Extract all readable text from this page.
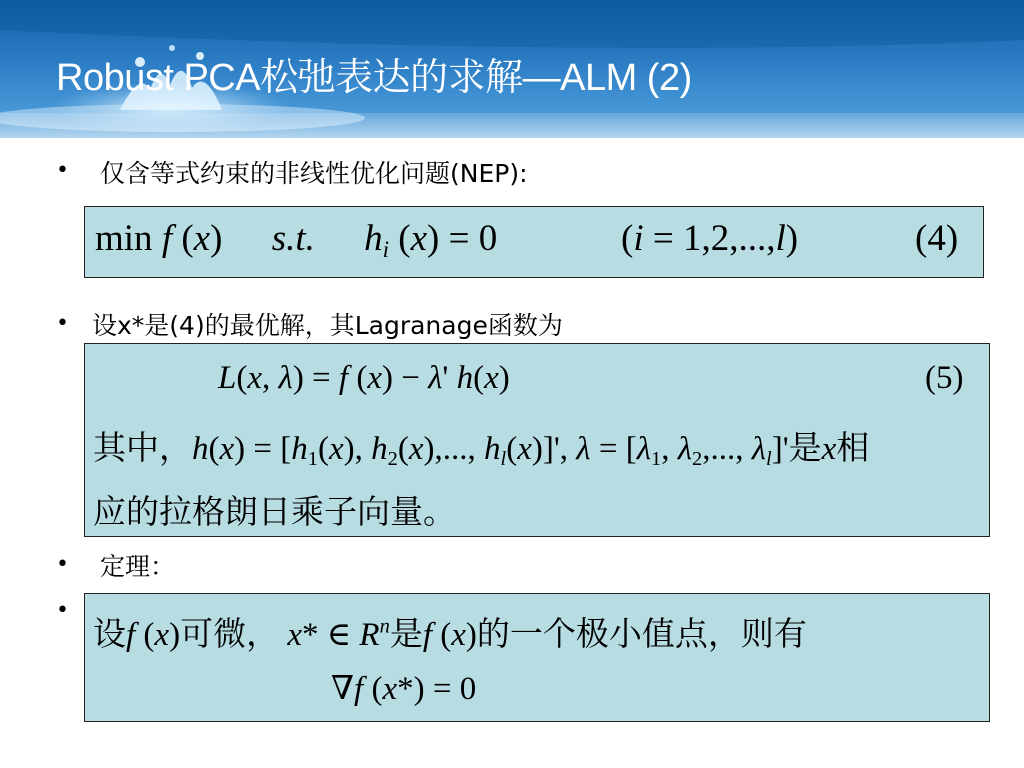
Robust PCA松弛表达的求解—ALM (2)
• 仅含等式约束的非线性优化问题(NEP):
min f (x) s.t. $h_i$ (x) = 0	(i = 1,2,...,l)	(4)
• 设x*是(4)的最优解，其Lagranage函数为
L(x, λ) = f (x) − λ' h(x)	(5)
其中，$h(x) = [h_1(x)$, $h_2(x)$,..., $h_l(x)]'$, $\lambda = [\lambda_1$, $\lambda_2$,..., $\lambda_l]'$是x相
应的拉格朗日乘子向量。
• 定理：
•
设f (x)可微， x* ∈ $R^n$是f (x)的一个极小值点，则有
∇f (x*) = 0
